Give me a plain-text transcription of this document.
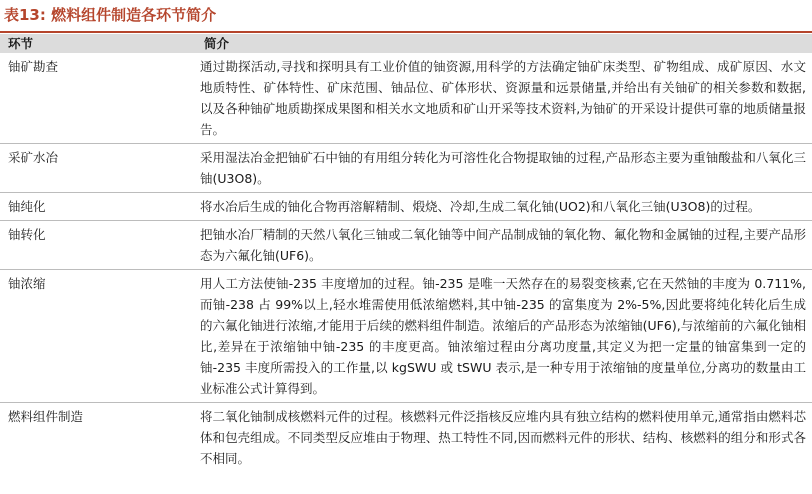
表13: 燃料组件制造各环节简介
环节	简介
铀矿勘查	通过勘探活动,寻找和探明具有工业价值的铀资源,用科学的方法确定铀矿床类型、矿物组成、成矿原因、水文地质特性、矿体特性、矿床范围、铀品位、矿体形状、资源量和远景储量,并给出有关铀矿的相关参数和数据,以及各种铀矿地质勘探成果图和相关水文地质和矿山开采等技术资料,为铀矿的开采设计提供可靠的地质储量报告。
采矿水冶	采用湿法冶金把铀矿石中铀的有用组分转化为可溶性化合物提取铀的过程,产品形态主要为重铀酸盐和八氧化三铀(U3O8)。
铀纯化	将水冶后生成的铀化合物再溶解精制、煅烧、冷却,生成二氧化铀(UO2)和八氧化三铀(U3O8)的过程。
铀转化	把铀水冶厂精制的天然八氧化三铀或二氧化铀等中间产品制成铀的氧化物、氟化物和金属铀的过程,主要产品形态为六氟化铀(UF6)。
铀浓缩	用人工方法使铀-235 丰度增加的过程。铀-235 是唯一天然存在的易裂变核素,它在天然铀的丰度为 0.711%,而铀-238 占 99%以上,轻水堆需使用低浓缩燃料,其中铀-235 的富集度为 2%-5%,因此要将纯化转化后生成的六氟化铀进行浓缩,才能用于后续的燃料组件制造。浓缩后的产品形态为浓缩铀(UF6),与浓缩前的六氟化铀相比,差异在于浓缩铀中铀-235 的丰度更高。铀浓缩过程由分离功度量,其定义为把一定量的铀富集到一定的铀-235 丰度所需投入的工作量,以 kgSWU 或 tSWU 表示,是一种专用于浓缩铀的度量单位,分离功的数量由工业标准公式计算得到。
燃料组件制造	将二氧化铀制成核燃料元件的过程。核燃料元件泛指核反应堆内具有独立结构的燃料使用单元,通常指由燃料芯体和包壳组成。不同类型反应堆由于物理、热工特性不同,因而燃料元件的形状、结构、核燃料的组分和形式各不相同。
